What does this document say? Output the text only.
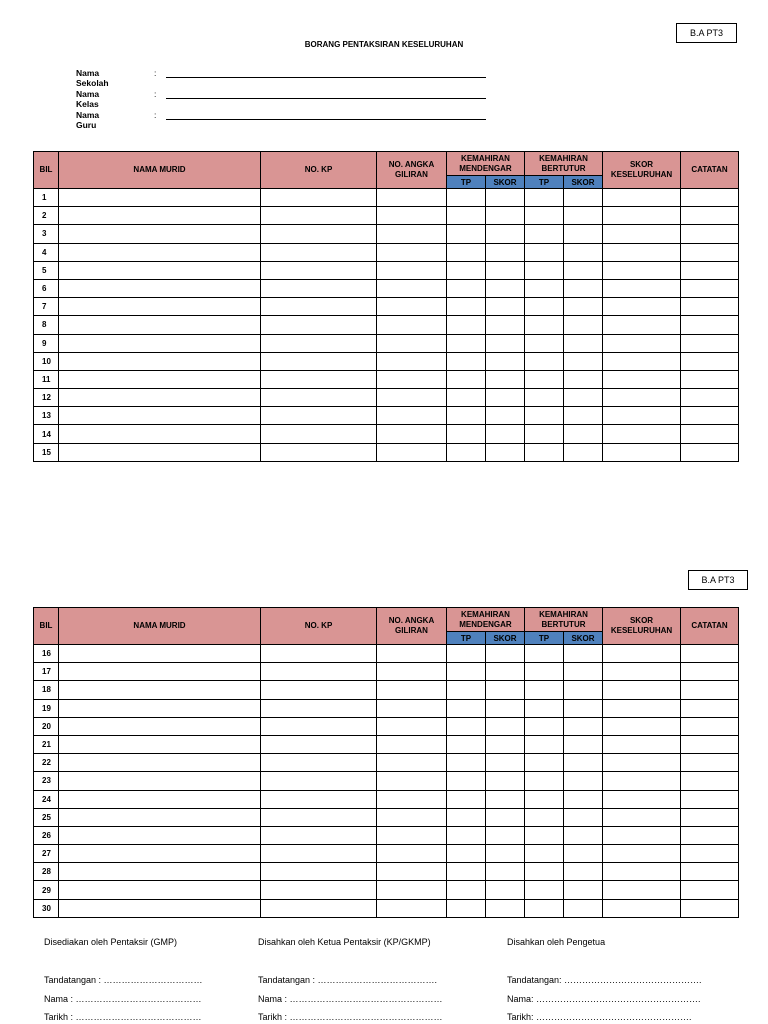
B.A PT3
BORANG PENTAKSIRAN KESELURUHAN
Nama Sekolah
:
Nama Kelas
:
Nama Guru
:
BIL	NAMA MURID	NO. KP	NO. ANGKA GILIRAN	KEMAHIRAN MENDENGAR		KEMAHIRAN BERTUTUR		SKOR KESELURUHAN	CATATAN
				TP	SKOR	TP	SKOR		
1									
2									
3									
4									
5									
6									
7									
8									
9									
10									
11									
12									
13									
14									
15									
B.A PT3
BIL	NAMA MURID	NO. KP	NO. ANGKA GILIRAN	KEMAHIRAN MENDENGAR		KEMAHIRAN BERTUTUR		SKOR KESELURUHAN	CATATAN
				TP	SKOR	TP	SKOR		
16									
17									
18									
19									
20									
21									
22									
23									
24									
25									
26									
27									
28									
29									
30									
Disediakan oleh Pentaksir (GMP)
Tandatangan : ……………………………
Nama : ……………………………………
Tarikh : ……………………………………
Disahkan oleh Ketua Pentaksir (KP/GKMP)
Tandatangan : ………………………………….
Nama : ……………………………………………
Tarikh : ……………………………………………
Disahkan oleh Pengetua
Tandatangan: ……………………………………….
Nama: ……………………………………………….
Tarikh: …………………………………………….
